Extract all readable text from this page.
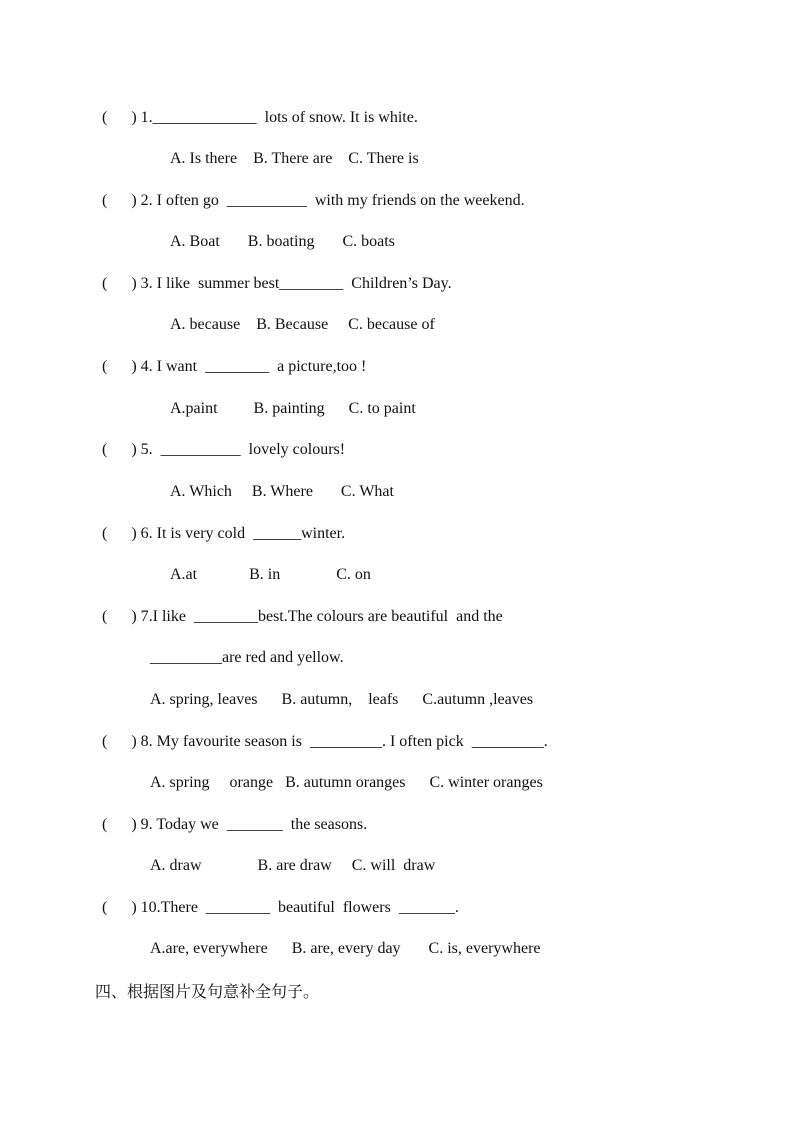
(      ) 1._____________  lots of snow. It is white.
A. Is there    B. There are    C. There is
(      ) 2. I often go  __________  with my friends on the weekend.
A. Boat       B. boating       C. boats
(      ) 3. I like  summer best________  Children’s Day.
A. because    B. Because     C. because of
(      ) 4. I want  ________  a picture,too !
A.paint         B. painting      C. to paint
(      ) 5.  __________  lovely colours!
A. Which     B. Where       C. What
(      ) 6. It is very cold  ______winter.
A.at             B. in              C. on
(      ) 7.I like  ________best.The colours are beautiful  and the
_________are red and yellow.
A. spring, leaves      B. autumn,    leafs      C.autumn ,leaves
(      ) 8. My favourite season is  _________. I often pick  _________.
A. spring     orange   B. autumn oranges      C. winter oranges
(      ) 9. Today we  _______  the seasons.
A. draw              B. are draw     C. will  draw
(      ) 10.There  ________  beautiful  flowers  _______.
A.are, everywhere      B. are, every day       C. is, everywhere
四、根据图片及句意补全句子。
